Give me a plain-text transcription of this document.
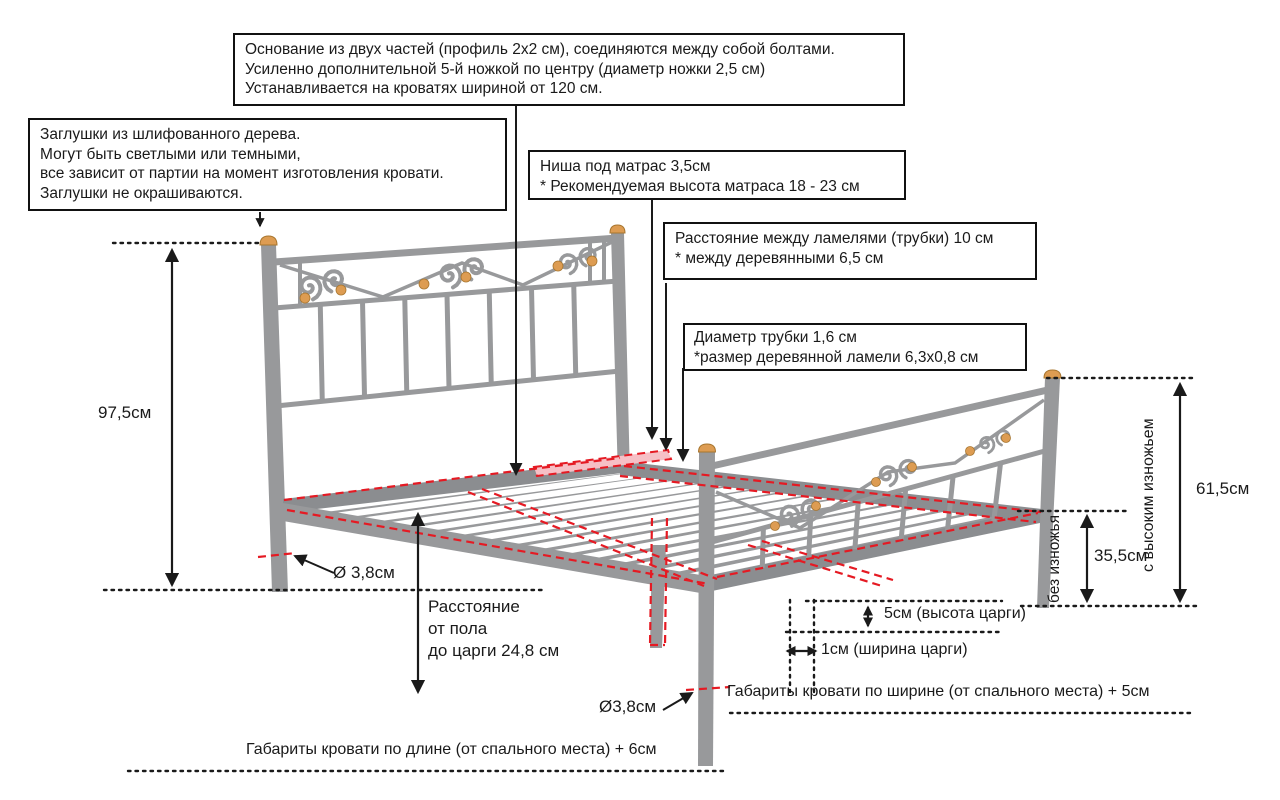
Основание из двух частей (профиль 2х2 см), соединяются между собой болтами.
Усиленно дополнительной 5-й ножкой по центру (диаметр ножки 2,5 см)
Устанавливается на кроватях шириной от 120 см.
Заглушки из шлифованного дерева.
Могут быть светлыми или темными,
все зависит от партии на момент изготовления кровати.
Заглушки не окрашиваются.
Ниша под матрас 3,5см
* Рекомендуемая высота матраса 18 - 23 см
Расстояние между ламелями (трубки) 10 см
* между деревянными 6,5 см
Диаметр трубки 1,6 см
*размер деревянной ламели 6,3х0,8 см
97,5см
Ø 3,8см
Расстояние
от пола
до царги 24,8 см
без изножья 35,5см
с высоким изножьем 61,5см
5см (высота царги)
1см (ширина царги)
Ø3,8см
Габариты кровати по ширине (от спального места) + 5см
Габариты кровати по длине (от спального места) + 6см
